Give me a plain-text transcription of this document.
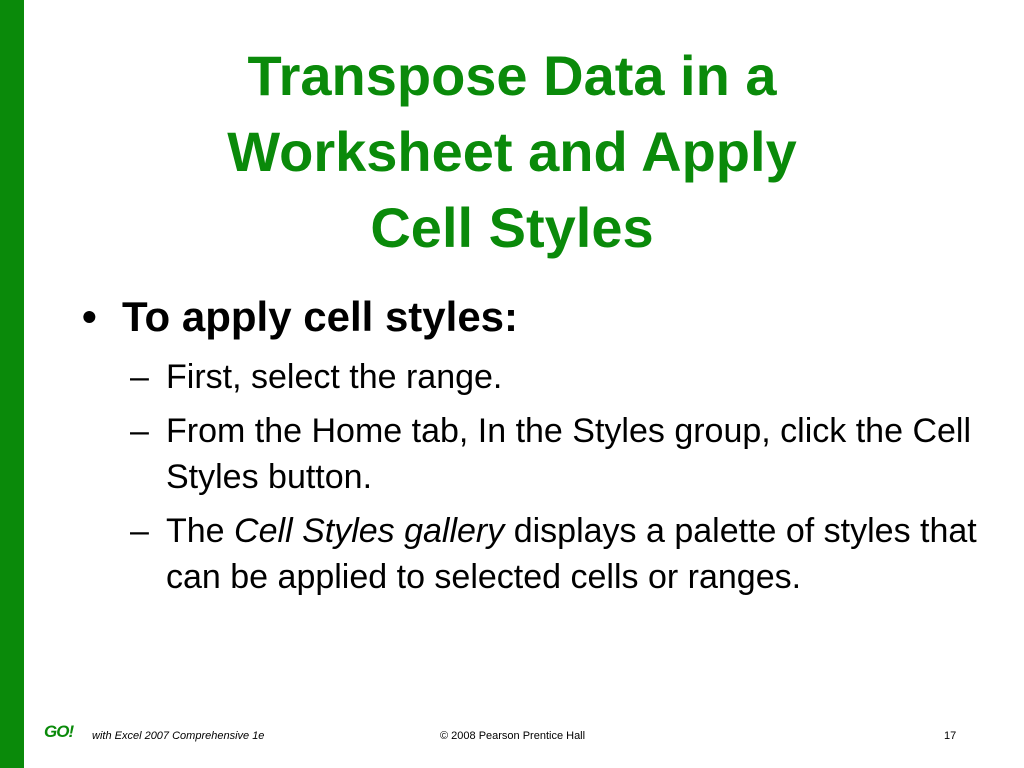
Transpose Data in a
Worksheet and Apply
Cell Styles
• To apply cell styles:
– First, select the range.
– From the Home tab, In the Styles group, click the Cell Styles button.
– The Cell Styles gallery displays a palette of styles that can be applied to selected cells or ranges.
GO! with Excel 2007 Comprehensive 1e	© 2008 Pearson Prentice Hall	17
